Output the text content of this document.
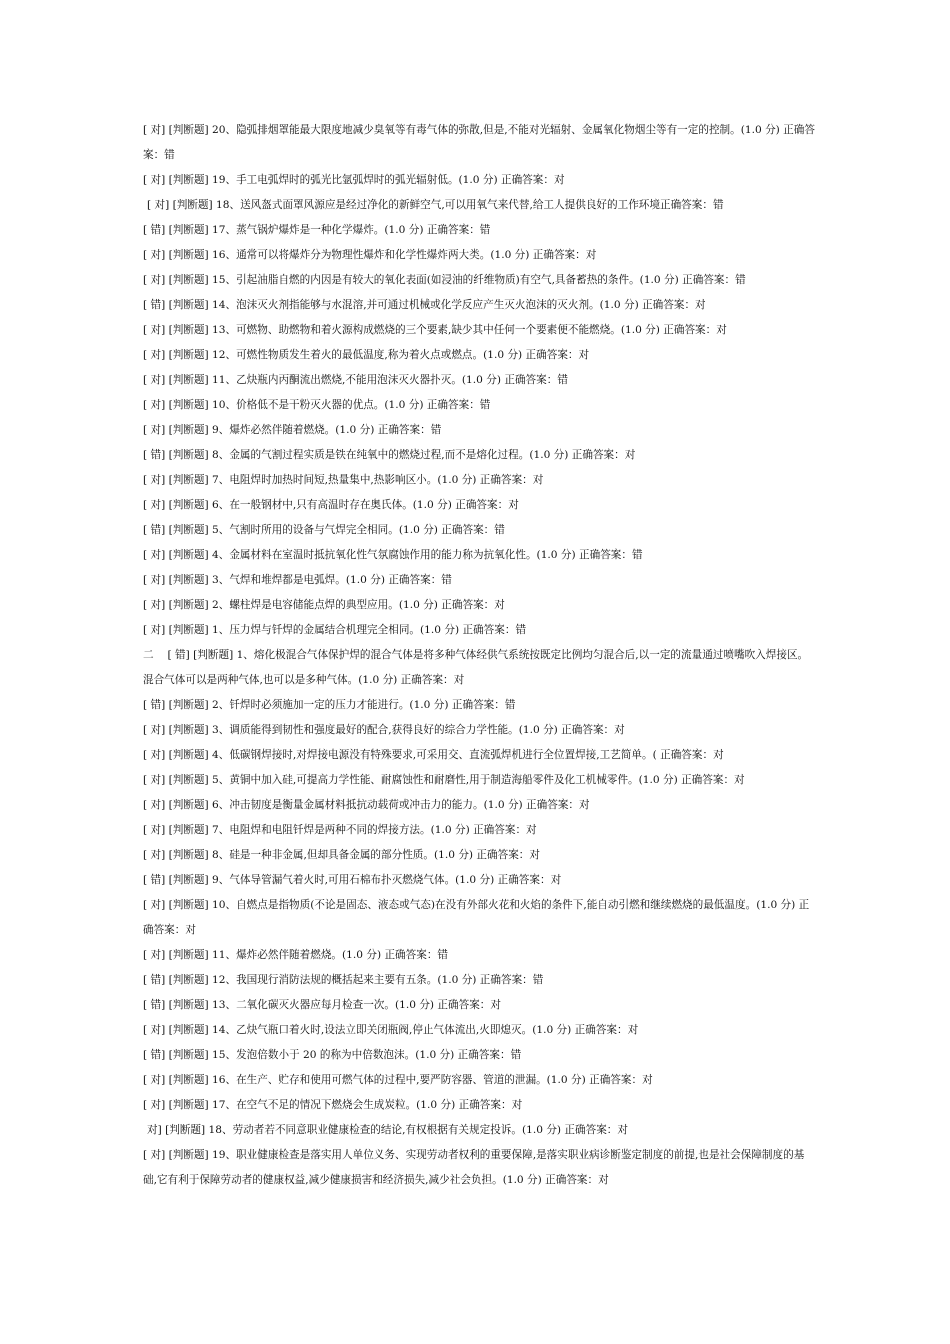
[ 对] [判断题] 20、隐弧排烟罩能最大限度地减少臭氧等有毒气体的弥散,但是,不能对光辐射、金属氧化物烟尘等有一定的控制。(1.0 分) 正确答案：错
[ 对] [判断题] 19、手工电弧焊时的弧光比氩弧焊时的弧光辐射低。(1.0 分) 正确答案：对
[ 对] [判断题] 18、送风盔式面罩风源应是经过净化的新鲜空气,可以用氧气来代替,给工人提供良好的工作环境正确答案：错
[ 错] [判断题] 17、蒸气锅炉爆炸是一种化学爆炸。(1.0 分) 正确答案：错
[ 对] [判断题] 16、通常可以将爆炸分为物理性爆炸和化学性爆炸两大类。(1.0 分) 正确答案：对
[ 对] [判断题] 15、引起油脂自燃的内因是有较大的氧化表面(如浸油的纤维物质)有空气,具备蓄热的条件。(1.0 分) 正确答案：错
[ 错] [判断题] 14、泡沫灭火剂指能够与水混溶,并可通过机械或化学反应产生灭火泡沫的灭火剂。(1.0 分) 正确答案：对
[ 对] [判断题] 13、可燃物、助燃物和着火源构成燃烧的三个要素,缺少其中任何一个要素便不能燃烧。(1.0 分) 正确答案：对
[ 对] [判断题] 12、可燃性物质发生着火的最低温度,称为着火点或燃点。(1.0 分) 正确答案：对
[ 对] [判断题] 11、乙炔瓶内丙酮流出燃烧,不能用泡沫灭火器扑灭。(1.0 分) 正确答案：错
[ 对] [判断题] 10、价格低不是干粉灭火器的优点。(1.0 分) 正确答案：错
[ 对] [判断题] 9、爆炸必然伴随着燃烧。(1.0 分) 正确答案：错
[ 错] [判断题] 8、金属的气割过程实质是铁在纯氧中的燃烧过程,而不是熔化过程。(1.0 分) 正确答案：对
[ 对] [判断题] 7、电阻焊时加热时间短,热量集中,热影响区小。(1.0 分) 正确答案：对
[ 对] [判断题] 6、在一般钢材中,只有高温时存在奥氏体。(1.0 分) 正确答案：对
[ 错] [判断题] 5、气割时所用的设备与气焊完全相同。(1.0 分) 正确答案：错
[ 对] [判断题] 4、金属材料在室温时抵抗氧化性气氛腐蚀作用的能力称为抗氧化性。(1.0 分) 正确答案：错
[ 对] [判断题] 3、气焊和堆焊都是电弧焊。(1.0 分) 正确答案：错
[ 对] [判断题] 2、螺柱焊是电容储能点焊的典型应用。(1.0 分) 正确答案：对
[ 对] [判断题] 1、压力焊与钎焊的金属结合机理完全相同。(1.0 分) 正确答案：错
二　 [ 错] [判断题] 1、熔化极混合气体保护焊的混合气体是将多种气体经供气系统按既定比例均匀混合后,以一定的流量通过喷嘴吹入焊接区。混合气体可以是两种气体,也可以是多种气体。(1.0 分) 正确答案：对
[ 错] [判断题] 2、钎焊时必须施加一定的压力才能进行。(1.0 分) 正确答案：错
[ 对] [判断题] 3、调质能得到韧性和强度最好的配合,获得良好的综合力学性能。(1.0 分) 正确答案：对
[ 对] [判断题] 4、低碳钢焊接时,对焊接电源没有特殊要求,可采用交、直流弧焊机进行全位置焊接,工艺简单。( 正确答案：对
[ 对] [判断题] 5、黄铜中加入硅,可提高力学性能、耐腐蚀性和耐磨性,用于制造海船零件及化工机械零件。(1.0 分) 正确答案：对
[ 对] [判断题] 6、冲击韧度是衡量金属材料抵抗动载荷或冲击力的能力。(1.0 分) 正确答案：对
[ 对] [判断题] 7、电阻焊和电阻钎焊是两种不同的焊接方法。(1.0 分) 正确答案：对
[ 对] [判断题] 8、硅是一种非金属,但却具备金属的部分性质。(1.0 分) 正确答案：对
[ 错] [判断题] 9、气体导管漏气着火时,可用石棉布扑灭燃烧气体。(1.0 分) 正确答案：对
[ 对] [判断题] 10、自燃点是指物质(不论是固态、液态或气态)在没有外部火花和火焰的条件下,能自动引燃和继续燃烧的最低温度。(1.0 分) 正确答案：对
[ 对] [判断题] 11、爆炸必然伴随着燃烧。(1.0 分) 正确答案：错
[ 错] [判断题] 12、我国现行消防法规的概括起来主要有五条。(1.0 分) 正确答案：错
[ 错] [判断题] 13、二氧化碳灭火器应每月检查一次。(1.0 分) 正确答案：对
[ 对] [判断题] 14、乙炔气瓶口着火时,设法立即关闭瓶阀,停止气体流出,火即熄灭。(1.0 分) 正确答案：对
[ 错] [判断题] 15、发泡倍数小于 20 的称为中倍数泡沫。(1.0 分) 正确答案：错
[ 对] [判断题] 16、在生产、贮存和使用可燃气体的过程中,要严防容器、管道的泄漏。(1.0 分) 正确答案：对
[ 对] [判断题] 17、在空气不足的情况下燃烧会生成炭粒。(1.0 分) 正确答案：对
对] [判断题] 18、劳动者若不同意职业健康检查的结论,有权根据有关规定投诉。(1.0 分) 正确答案：对
[ 对] [判断题] 19、职业健康检查是落实用人单位义务、实现劳动者权利的重要保障,是落实职业病诊断鉴定制度的前提,也是社会保障制度的基础,它有利于保障劳动者的健康权益,减少健康损害和经济损失,减少社会负担。(1.0 分) 正确答案：对
